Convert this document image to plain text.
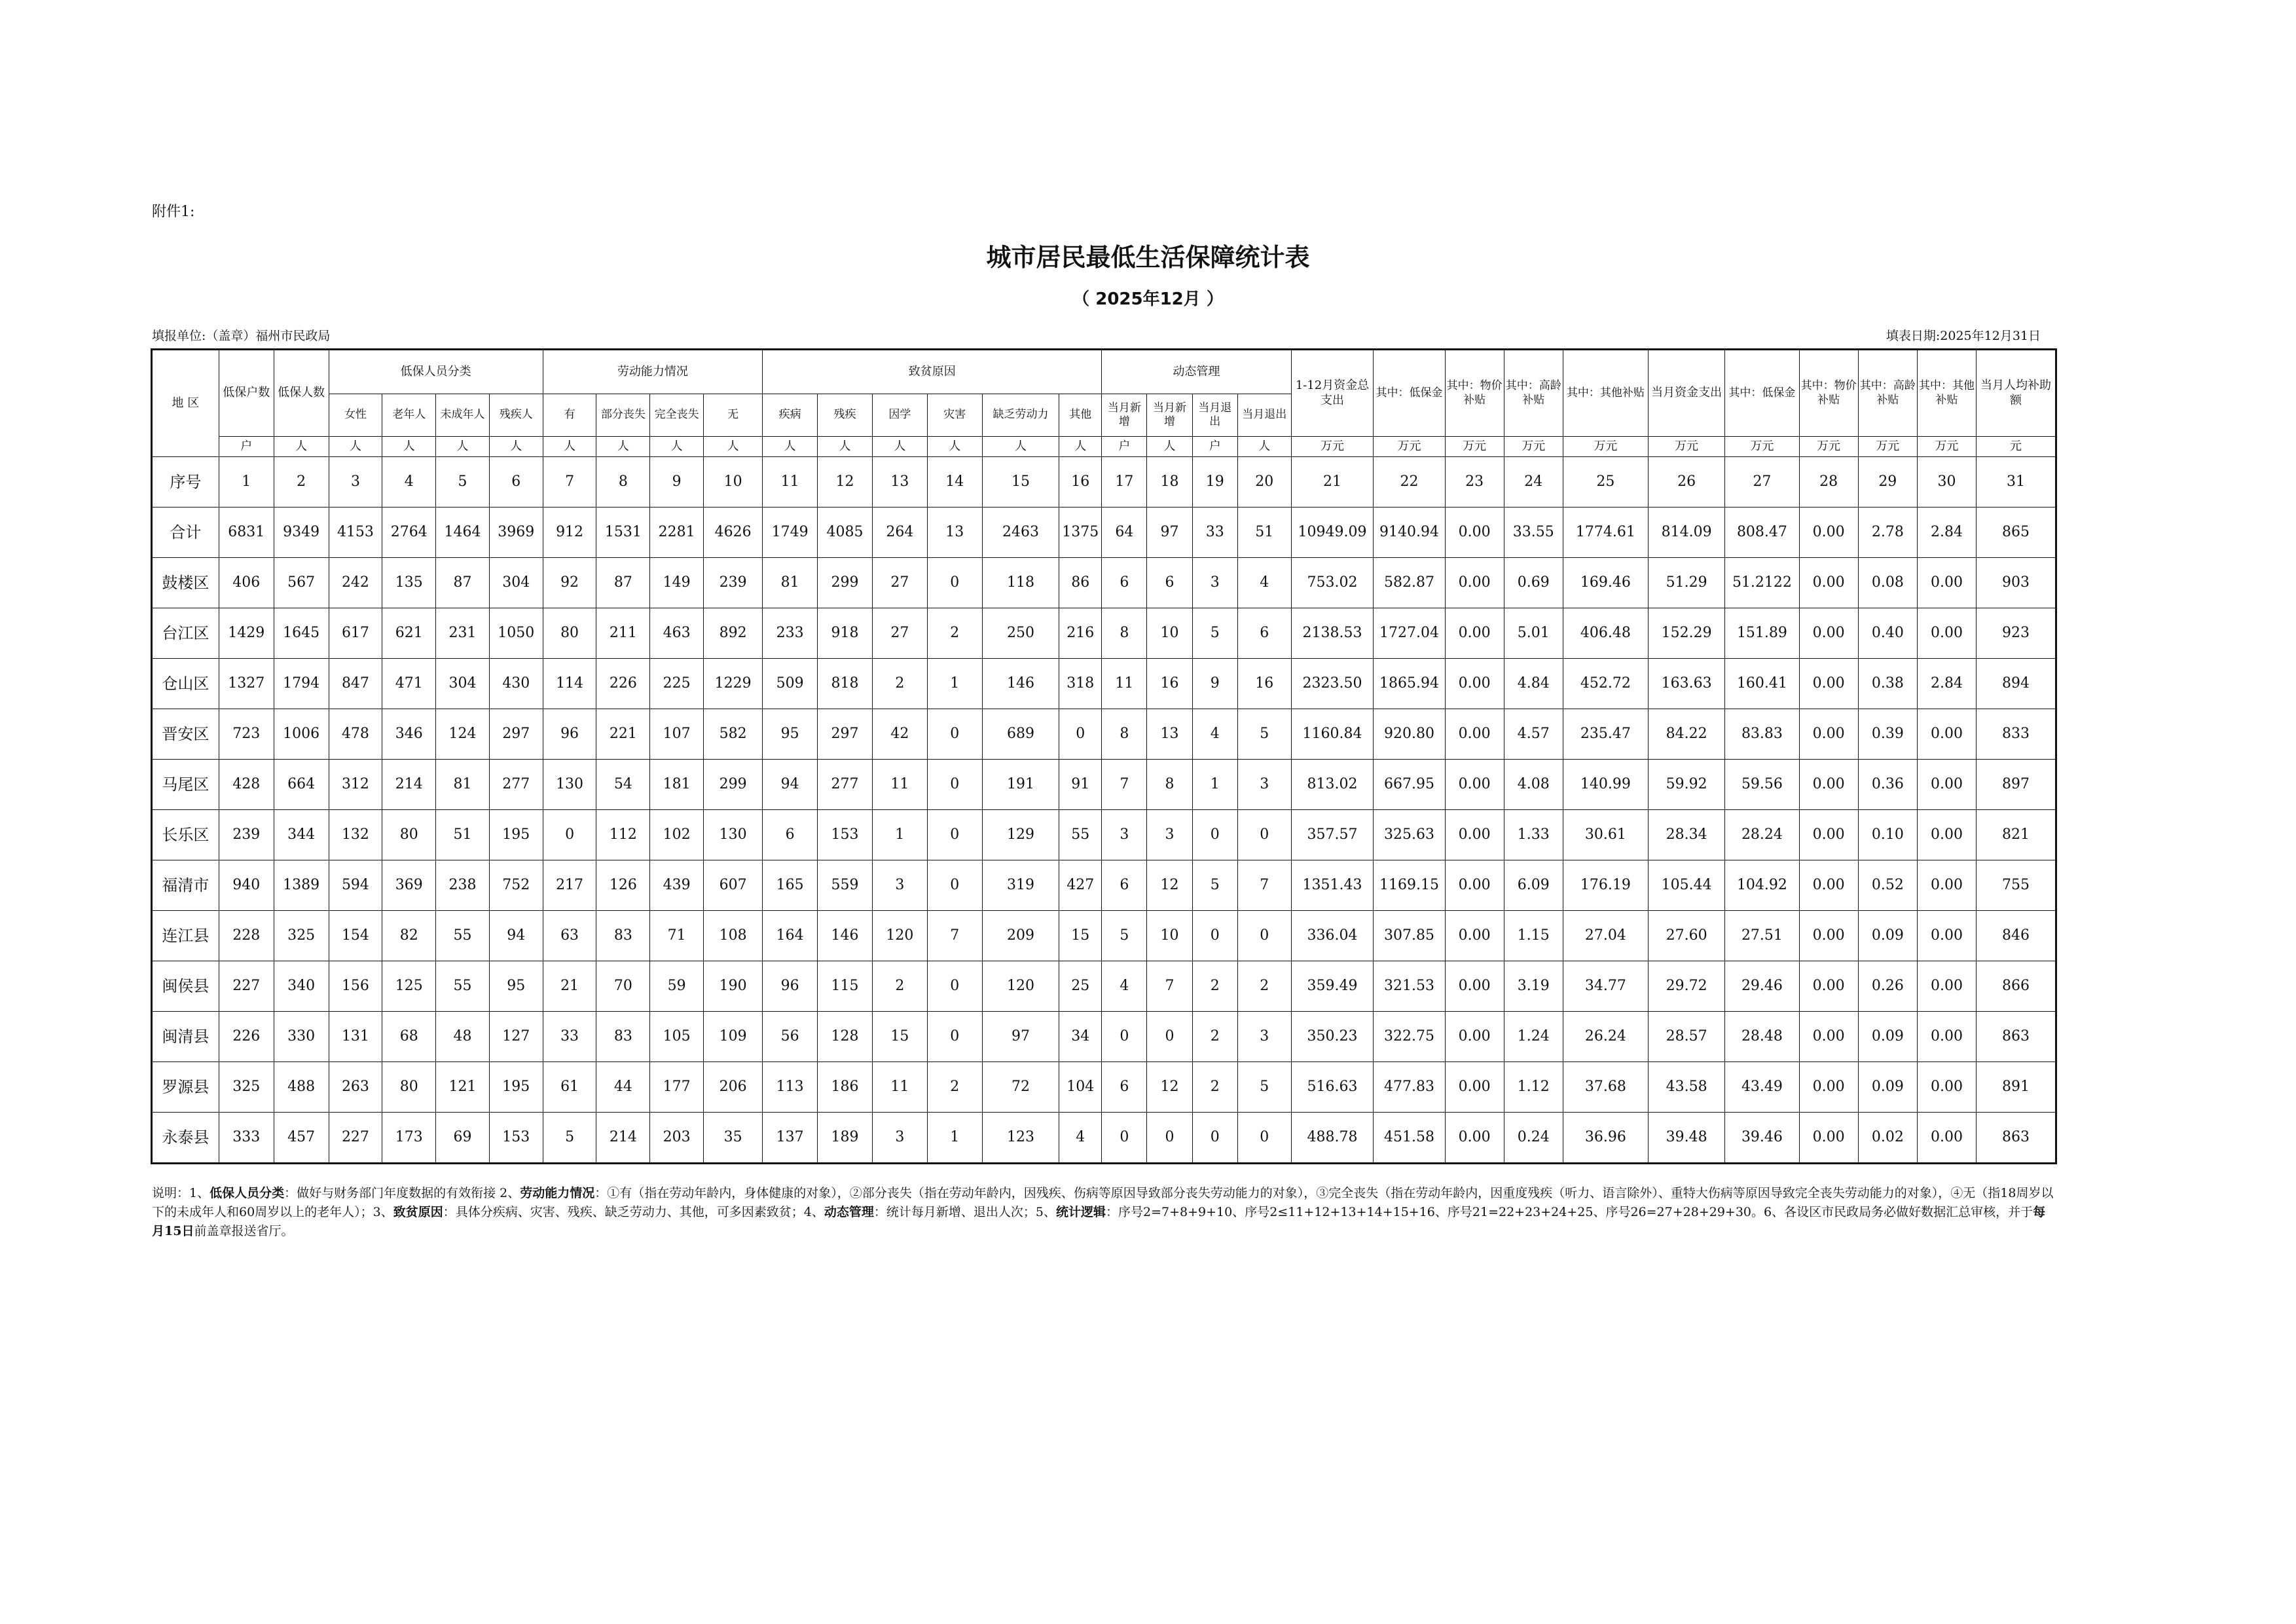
附件1:
城市居民最低生活保障统计表
（ 2025年12月 ）
填报单位:（盖章）福州市民政局	填表日期:2025年12月31日
地 区	低保户数	低保人数	低保人员分类				劳动能力情况				致贫原因						动态管理				1-12月资金总支出	其中：低保金	其中：物价补贴	其中：高龄补贴	其中：其他补贴	当月资金支出	其中：低保金	其中：物价补贴	其中：高龄补贴	其中：其他补贴	当月人均补助额
			女性	老年人	未成年人	残疾人	有	部分丧失	完全丧失	无	疾病	残疾	因学	灾害	缺乏劳动力	其他	当月新增	当月新增	当月退出	当月退出											
	户	人	人	人	人	人	人	人	人	人	人	人	人	人	人	人	户	人	户	人	万元	万元	万元	万元	万元	万元	万元	万元	万元	万元	元
序号	1	2	3	4	5	6	7	8	9	10	11	12	13	14	15	16	17	18	19	20	21	22	23	24	25	26	27	28	29	30	31
合计	6831	9349	4153	2764	1464	3969	912	1531	2281	4626	1749	4085	264	13	2463	1375	64	97	33	51	10949.09	9140.94	0.00	33.55	1774.61	814.09	808.47	0.00	2.78	2.84	865
鼓楼区	406	567	242	135	87	304	92	87	149	239	81	299	27	0	118	86	6	6	3	4	753.02	582.87	0.00	0.69	169.46	51.29	51.2122	0.00	0.08	0.00	903
台江区	1429	1645	617	621	231	1050	80	211	463	892	233	918	27	2	250	216	8	10	5	6	2138.53	1727.04	0.00	5.01	406.48	152.29	151.89	0.00	0.40	0.00	923
仓山区	1327	1794	847	471	304	430	114	226	225	1229	509	818	2	1	146	318	11	16	9	16	2323.50	1865.94	0.00	4.84	452.72	163.63	160.41	0.00	0.38	2.84	894
晋安区	723	1006	478	346	124	297	96	221	107	582	95	297	42	0	689	0	8	13	4	5	1160.84	920.80	0.00	4.57	235.47	84.22	83.83	0.00	0.39	0.00	833
马尾区	428	664	312	214	81	277	130	54	181	299	94	277	11	0	191	91	7	8	1	3	813.02	667.95	0.00	4.08	140.99	59.92	59.56	0.00	0.36	0.00	897
长乐区	239	344	132	80	51	195	0	112	102	130	6	153	1	0	129	55	3	3	0	0	357.57	325.63	0.00	1.33	30.61	28.34	28.24	0.00	0.10	0.00	821
福清市	940	1389	594	369	238	752	217	126	439	607	165	559	3	0	319	427	6	12	5	7	1351.43	1169.15	0.00	6.09	176.19	105.44	104.92	0.00	0.52	0.00	755
连江县	228	325	154	82	55	94	63	83	71	108	164	146	120	7	209	15	5	10	0	0	336.04	307.85	0.00	1.15	27.04	27.60	27.51	0.00	0.09	0.00	846
闽侯县	227	340	156	125	55	95	21	70	59	190	96	115	2	0	120	25	4	7	2	2	359.49	321.53	0.00	3.19	34.77	29.72	29.46	0.00	0.26	0.00	866
闽清县	226	330	131	68	48	127	33	83	105	109	56	128	15	0	97	34	0	0	2	3	350.23	322.75	0.00	1.24	26.24	28.57	28.48	0.00	0.09	0.00	863
罗源县	325	488	263	80	121	195	61	44	177	206	113	186	11	2	72	104	6	12	2	5	516.63	477.83	0.00	1.12	37.68	43.58	43.49	0.00	0.09	0.00	891
永泰县	333	457	227	173	69	153	5	214	203	35	137	189	3	1	123	4	0	0	0	0	488.78	451.58	0.00	0.24	36.96	39.48	39.46	0.00	0.02	0.00	863
说明：1、低保人员分类：做好与财务部门年度数据的有效衔接 2、劳动能力情况：①有（指在劳动年龄内，身体健康的对象），②部分丧失（指在劳动年龄内，因残疾、伤病等原因导致部分丧失劳动能力的对象），③完全丧失（指在劳动年龄内，因重度残疾（听力、语言除外）、重特大伤病等原因导致完全丧失劳动能力的对象），④无（指18周岁以下的未成年人和60周岁以上的老年人）；3、致贫原因：具体分疾病、灾害、残疾、缺乏劳动力、其他，可多因素致贫；4、动态管理：统计每月新增、退出人次；5、统计逻辑：序号2=7+8+9+10、序号2≤11+12+13+14+15+16、序号21=22+23+24+25、序号26=27+28+29+30。6、各设区市民政局务必做好数据汇总审核，并于每月15日前盖章报送省厅。
